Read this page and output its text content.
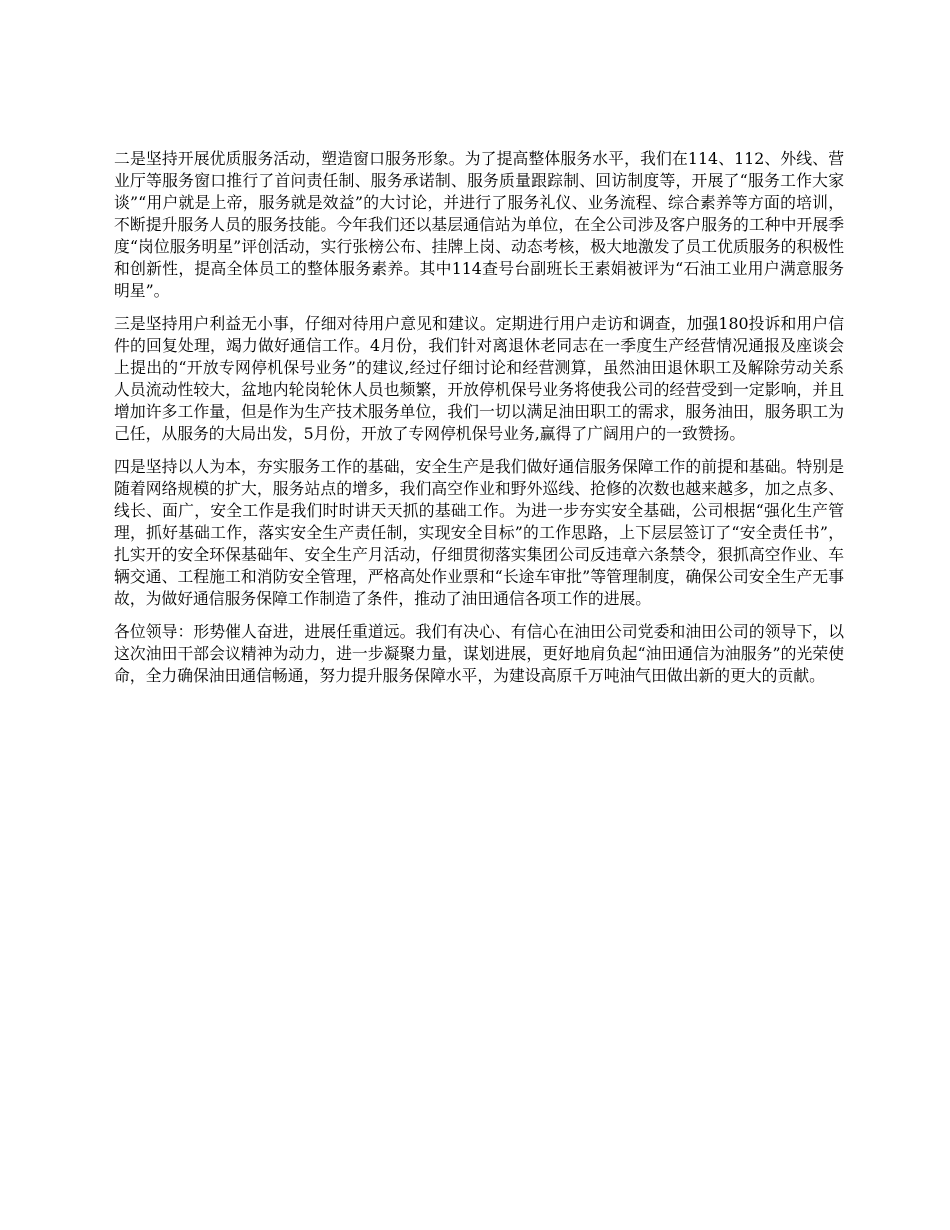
二是坚持开展优质服务活动，塑造窗口服务形象。为了提高整体服务水平，我们在114、112、外线、营业厅等服务窗口推行了首问责任制、服务承诺制、服务质量跟踪制、回访制度等，开展了“服务工作大家谈”“用户就是上帝，服务就是效益”的大讨论，并进行了服务礼仪、业务流程、综合素养等方面的培训，不断提升服务人员的服务技能。今年我们还以基层通信站为单位，在全公司涉及客户服务的工种中开展季度“岗位服务明星”评创活动，实行张榜公布、挂牌上岗、动态考核，极大地激发了员工优质服务的积极性和创新性，提高全体员工的整体服务素养。其中114查号台副班长王素娟被评为“石油工业用户满意服务明星”。

三是坚持用户利益无小事，仔细对待用户意见和建议。定期进行用户走访和调查，加强180投诉和用户信件的回复处理，竭力做好通信工作。4月份，我们针对离退休老同志在一季度生产经营情况通报及座谈会上提出的“开放专网停机保号业务”的建议,经过仔细讨论和经营测算，虽然油田退休职工及解除劳动关系人员流动性较大，盆地内轮岗轮休人员也频繁，开放停机保号业务将使我公司的经营受到一定影响，并且增加许多工作量，但是作为生产技术服务单位，我们一切以满足油田职工的需求，服务油田，服务职工为己任，从服务的大局出发，5月份，开放了专网停机保号业务,赢得了广阔用户的一致赞扬。

四是坚持以人为本，夯实服务工作的基础，安全生产是我们做好通信服务保障工作的前提和基础。特别是随着网络规模的扩大，服务站点的增多，我们高空作业和野外巡线、抢修的次数也越来越多，加之点多、线长、面广，安全工作是我们时时讲天天抓的基础工作。为进一步夯实安全基础，公司根据“强化生产管理，抓好基础工作，落实安全生产责任制，实现安全目标”的工作思路，上下层层签订了“安全责任书”，扎实开的安全环保基础年、安全生产月活动，仔细贯彻落实集团公司反违章六条禁令，狠抓高空作业、车辆交通、工程施工和消防安全管理，严格高处作业票和“长途车审批”等管理制度，确保公司安全生产无事故，为做好通信服务保障工作制造了条件，推动了油田通信各项工作的进展。

各位领导：形势催人奋进，进展任重道远。我们有决心、有信心在油田公司党委和油田公司的领导下，以这次油田干部会议精神为动力，进一步凝聚力量，谋划进展，更好地肩负起“油田通信为油服务”的光荣使命，全力确保油田通信畅通，努力提升服务保障水平，为建设高原千万吨油气田做出新的更大的贡献。
